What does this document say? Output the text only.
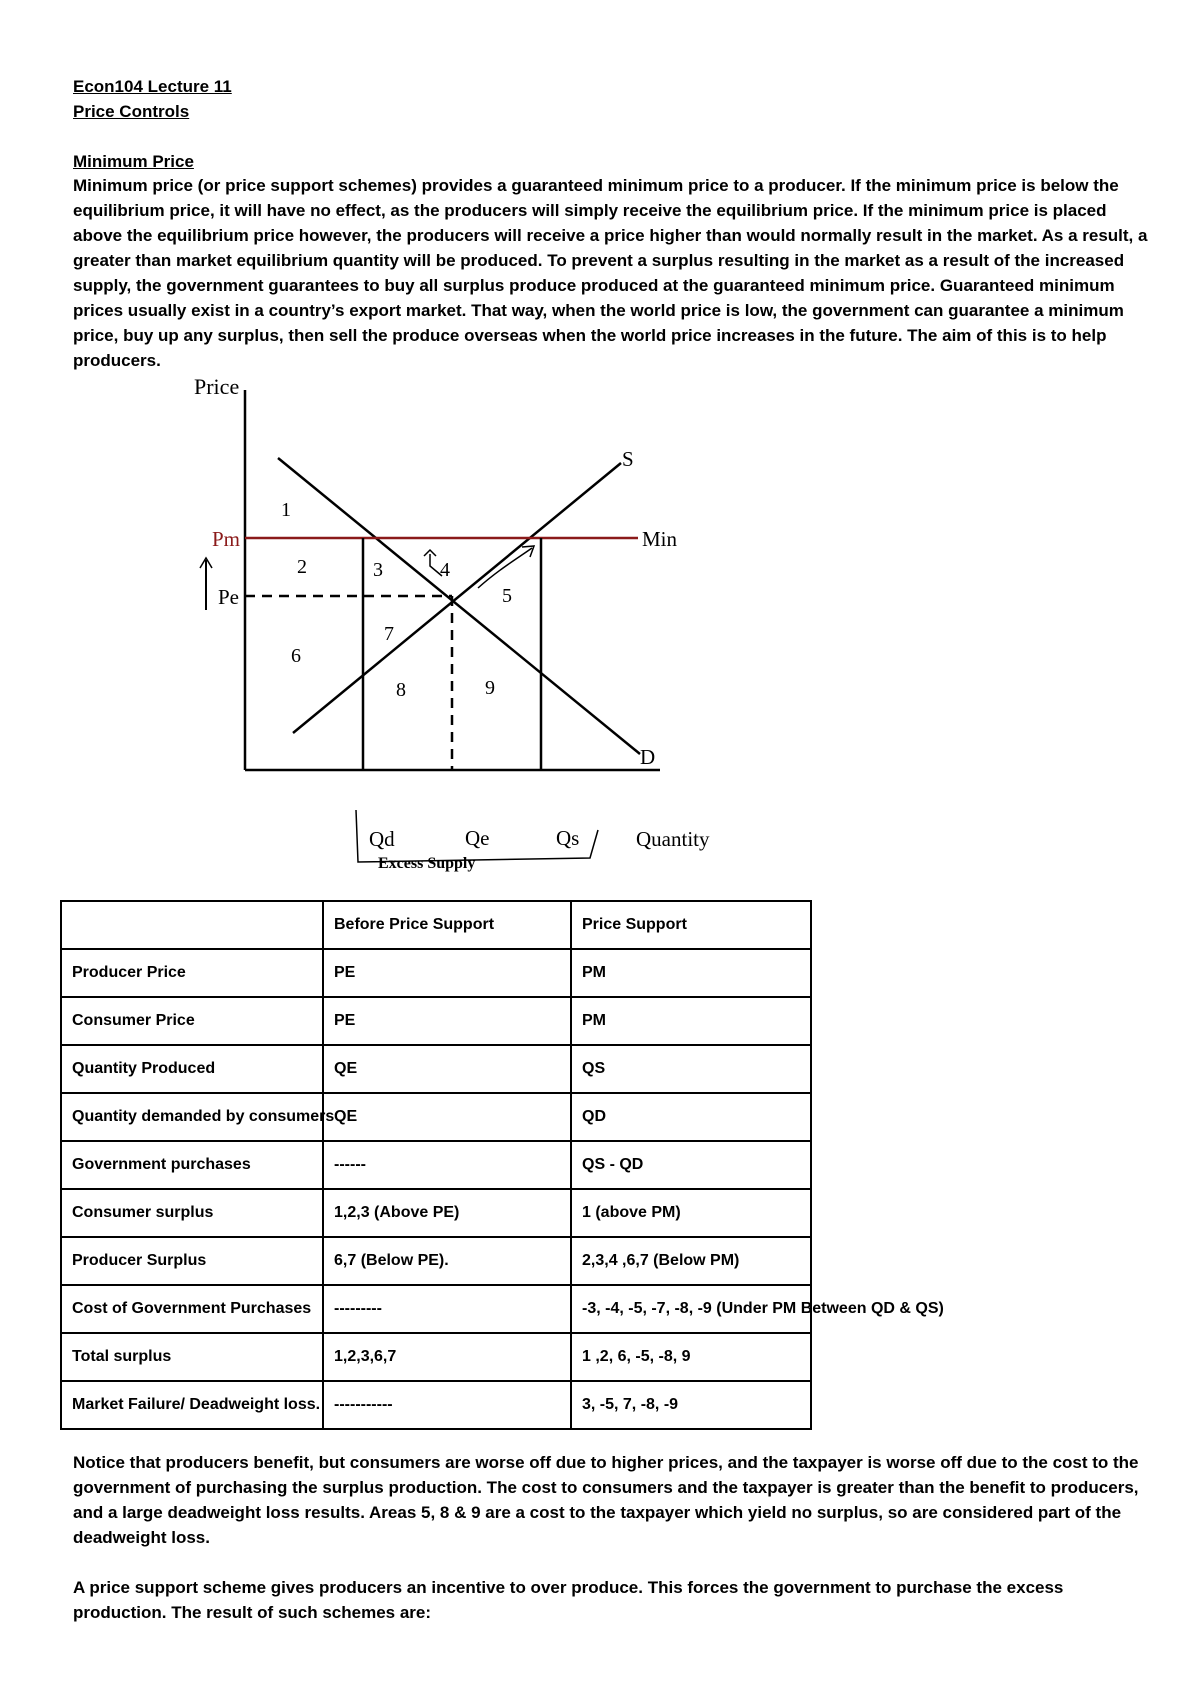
Econ104 Lecture 11
Price Controls
Minimum Price
Minimum price (or price support schemes) provides a guaranteed minimum price to a producer. If the minimum price is below the equilibrium price, it will have no effect, as the producers will simply receive the equilibrium price. If the minimum price is placed above the equilibrium price however, the producers will receive a price higher than would normally result in the market. As a result, a greater than market equilibrium quantity will be produced. To prevent a surplus resulting in the market as a result of the increased supply, the government guarantees to buy all surplus produce produced at the guaranteed minimum price. Guaranteed minimum prices usually exist in a country’s export market. That way, when the world price is low, the government can guarantee a minimum price, buy up any surplus, then sell the produce overseas when the world price increases in the future. The aim of this is to help producers.
Price
S
D
Min
Pm
Pe
1
2	3	4
5
6
7
8	9
Qd	Qe	Qs	Quantity
Excess Supply
	Before Price Support	Price Support
Producer Price	PE	PM
Consumer Price	PE	PM
Quantity Produced	QE	QS
Quantity demanded by consumers	QE	QD
Government purchases	------	QS - QD
Consumer surplus	1,2,3 (Above PE)	1 (above PM)
Producer Surplus	6,7 (Below PE).	2,3,4 ,6,7 (Below PM)
Cost of Government Purchases	---------	-3, -4, -5, -7, -8, -9 (Under PM Between QD & QS)
Total surplus	1,2,3,6,7	1 ,2, 6, -5, -8, 9
Market Failure/ Deadweight loss.	-----------	3, -5, 7, -8, -9
Notice that producers benefit, but consumers are worse off due to higher prices, and the taxpayer is worse off due to the cost to the government of purchasing the surplus production. The cost to consumers and the taxpayer is greater than the benefit to producers, and a large deadweight loss results. Areas 5, 8 & 9 are a cost to the taxpayer which yield no surplus, so are considered part of the deadweight loss.
A price support scheme gives producers an incentive to over produce. This forces the government to purchase the excess production. The result of such schemes are:
